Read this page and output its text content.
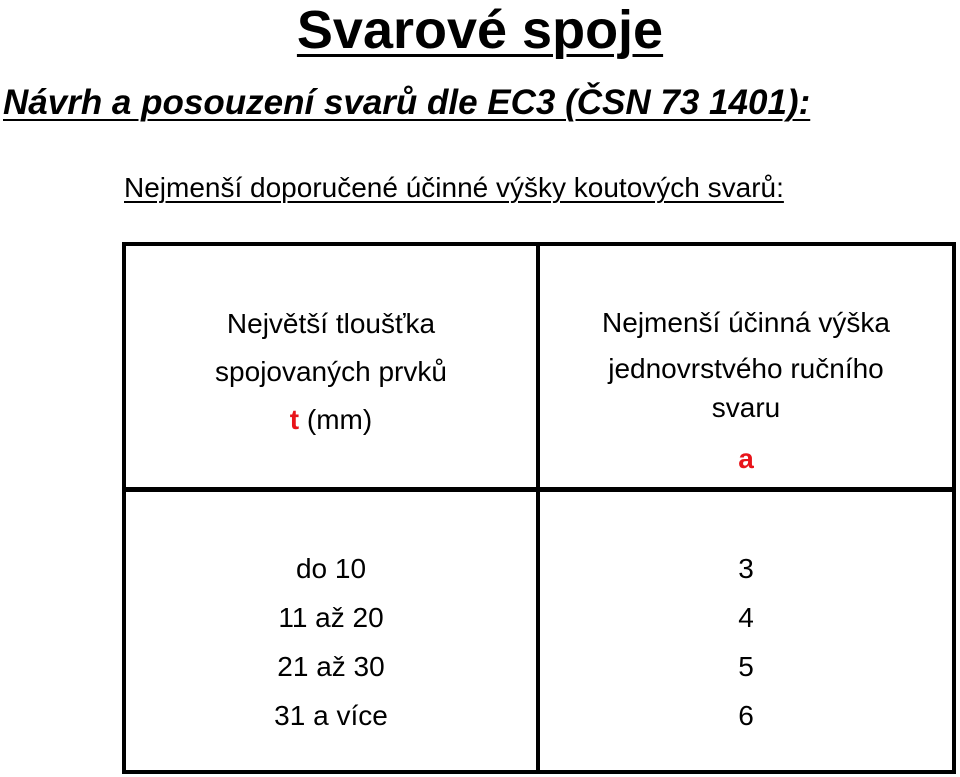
Svarové spoje
Návrh a posouzení svarů dle EC3 (ČSN 73 1401):
Nejmenší doporučené účinné výšky koutových svarů:
Největší tloušťka
spojovaných prvků
t (mm)
Nejmenší účinná výška
jednovrstvého ručního
svaru
a
do 10
11 až 20
21 až 30
31 a více
3
4
5
6
